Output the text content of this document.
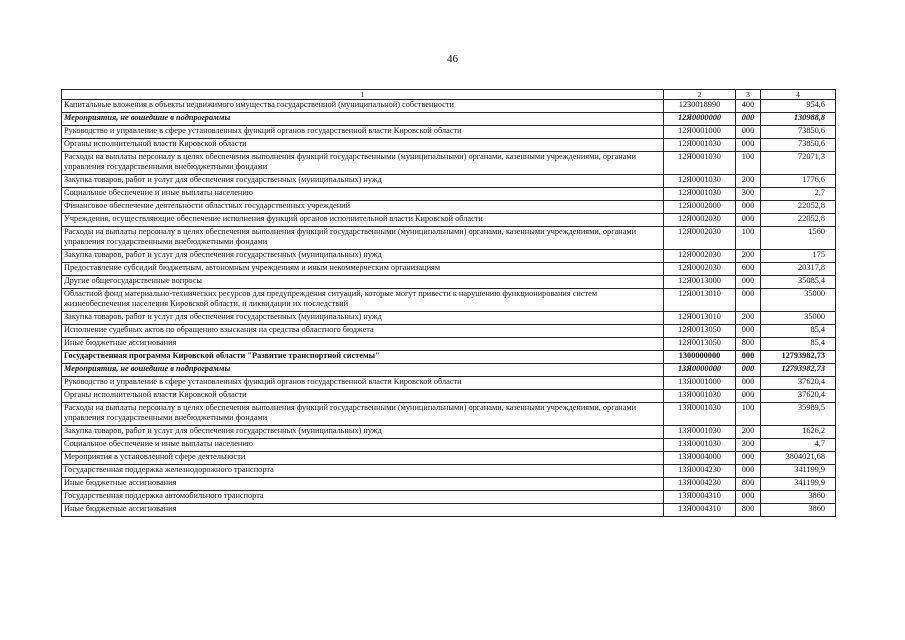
46
1	2	3	4
Капитальные вложения в объекты недвижимого имущества государственной (муниципальной) собственности	1230018990	400	954,6
Мероприятия, не вошедшие в подпрограммы	12Я0000000	000	130988,8
Руководство и управление в сфере установленных функций органов государственной власти Кировской области	12Я0001000	000	73850,6
Органы исполнительной власти Кировской области	12Я0001030	000	73850,6
Расходы на выплаты персоналу в целях обеспечения выполнения функций государственными (муниципальными) органами, казенными учреждениями, органами управления государственными внебюджетными фондами	12Я0001030	100	72071,3
Закупка товаров, работ и услуг для обеспечения государственных (муниципальных) нужд	12Я0001030	200	1776,6
Социальное обеспечение и иные выплаты населению	12Я0001030	300	2,7
Финансовое обеспечение деятельности областных государственных учреждений	12Я0002000	000	22052,8
Учреждения, осуществляющие обеспечение исполнения функций органов исполнительной власти Кировской области	12Я0002030	000	22052,8
Расходы на выплаты персоналу в целях обеспечения выполнения функций государственными (муниципальными) органами, казенными учреждениями, органами управления государственными внебюджетными фондами	12Я0002030	100	1560
Закупка товаров, работ и услуг для обеспечения государственных (муниципальных) нужд	12Я0002030	200	175
Предоставление субсидий бюджетным, автономным учреждениям и иным некоммерческим организациям	12Я0002030	600	20317,8
Другие общегосударственные вопросы	12Я0013000	000	35085,4
Областной фонд материально-технических ресурсов для предупреждения ситуаций, которые могут привести к нарушению функционирования систем жизнеобеспечения населения Кировской области, и ликвидации их последствий	12Я0013010	000	35000
Закупка товаров, работ и услуг для обеспечения государственных (муниципальных) нужд	12Я0013010	200	35000
Исполнение судебных актов по обращению взыскания на средства областного бюджета	12Я0013050	000	85,4
Иные бюджетные ассигнования	12Я0013050	800	85,4
Государственная программа Кировской области "Развитие транспортной системы"	1300000000	000	12793982,73
Мероприятия, не вошедшие в подпрограммы	13Я0000000	000	12793982,73
Руководство и управление в сфере установленных функций органов государственной власти Кировской области	13Я0001000	000	37620,4
Органы исполнительной власти Кировской области	13Я0001030	000	37620,4
Расходы на выплаты персоналу в целях обеспечения выполнения функций государственными (муниципальными) органами, казенными учреждениями, органами управления государственными внебюджетными фондами	13Я0001030	100	35989,5
Закупка товаров, работ и услуг для обеспечения государственных (муниципальных) нужд	13Я0001030	200	1626,2
Социальное обеспечение и иные выплаты населению	13Я0001030	300	4,7
Мероприятия в установленной сфере деятельности	13Я0004000	000	3804021,68
Государственная поддержка железнодорожного транспорта	13Я0004230	000	341199,9
Иные бюджетные ассигнования	13Я0004230	800	341199,9
Государственная поддержка автомобильного транспорта	13Я0004310	000	3860
Иные бюджетные ассигнования	13Я0004310	800	3860
